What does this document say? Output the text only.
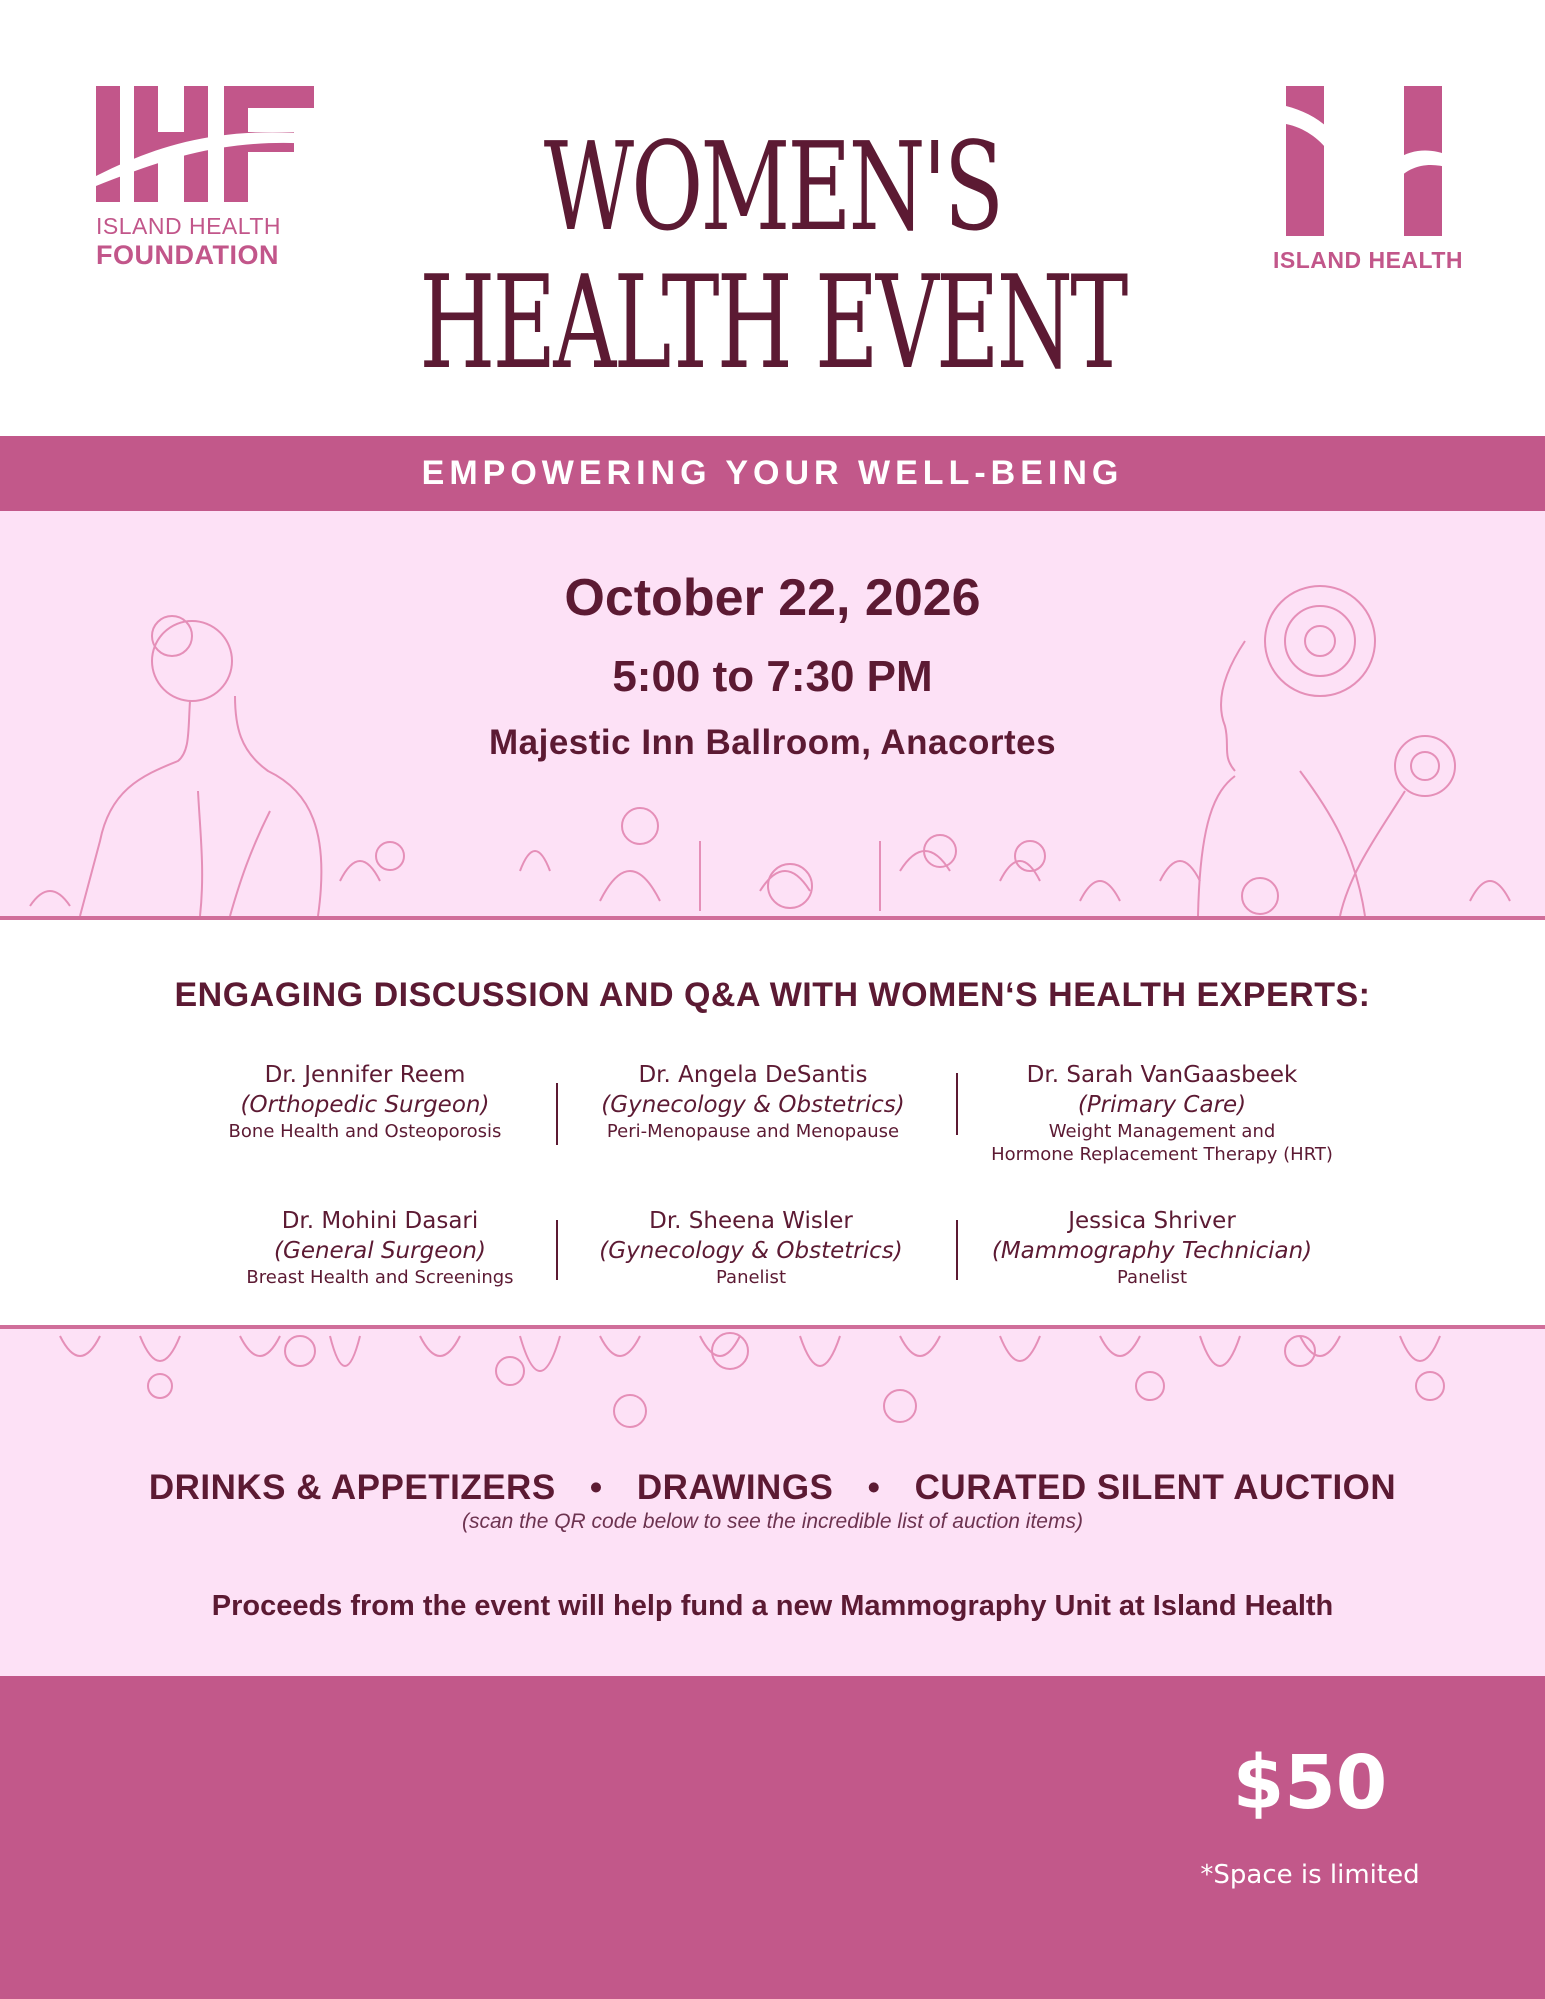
ISLAND HEALTH
FOUNDATION	ISLAND HEALTH
WOMEN'S
HEALTH EVENT
EMPOWERING YOUR WELL-BEING
October 22, 2026
5:00 to 7:30 PM
Majestic Inn Ballroom, Anacortes
ENGAGING DISCUSSION AND Q&A WITH WOMEN‘S HEALTH EXPERTS:
Dr. Jennifer Reem
(Orthopedic Surgeon)
Bone Health and Osteoporosis
Dr. Angela DeSantis
(Gynecology & Obstetrics)
Peri-Menopause and Menopause
Dr. Sarah VanGaasbeek
(Primary Care)
Weight Management and
Hormone Replacement Therapy (HRT)
Dr. Mohini Dasari
(General Surgeon)
Breast Health and Screenings
Dr. Sheena Wisler
(Gynecology & Obstetrics)
Panelist
Jessica Shriver
(Mammography Technician)
Panelist
DRINKS & APPETIZERS • DRAWINGS • CURATED SILENT AUCTION
(scan the QR code below to see the incredible list of auction items)
Proceeds from the event will help fund a new Mammography Unit at Island Health
$50
*Space is limited
